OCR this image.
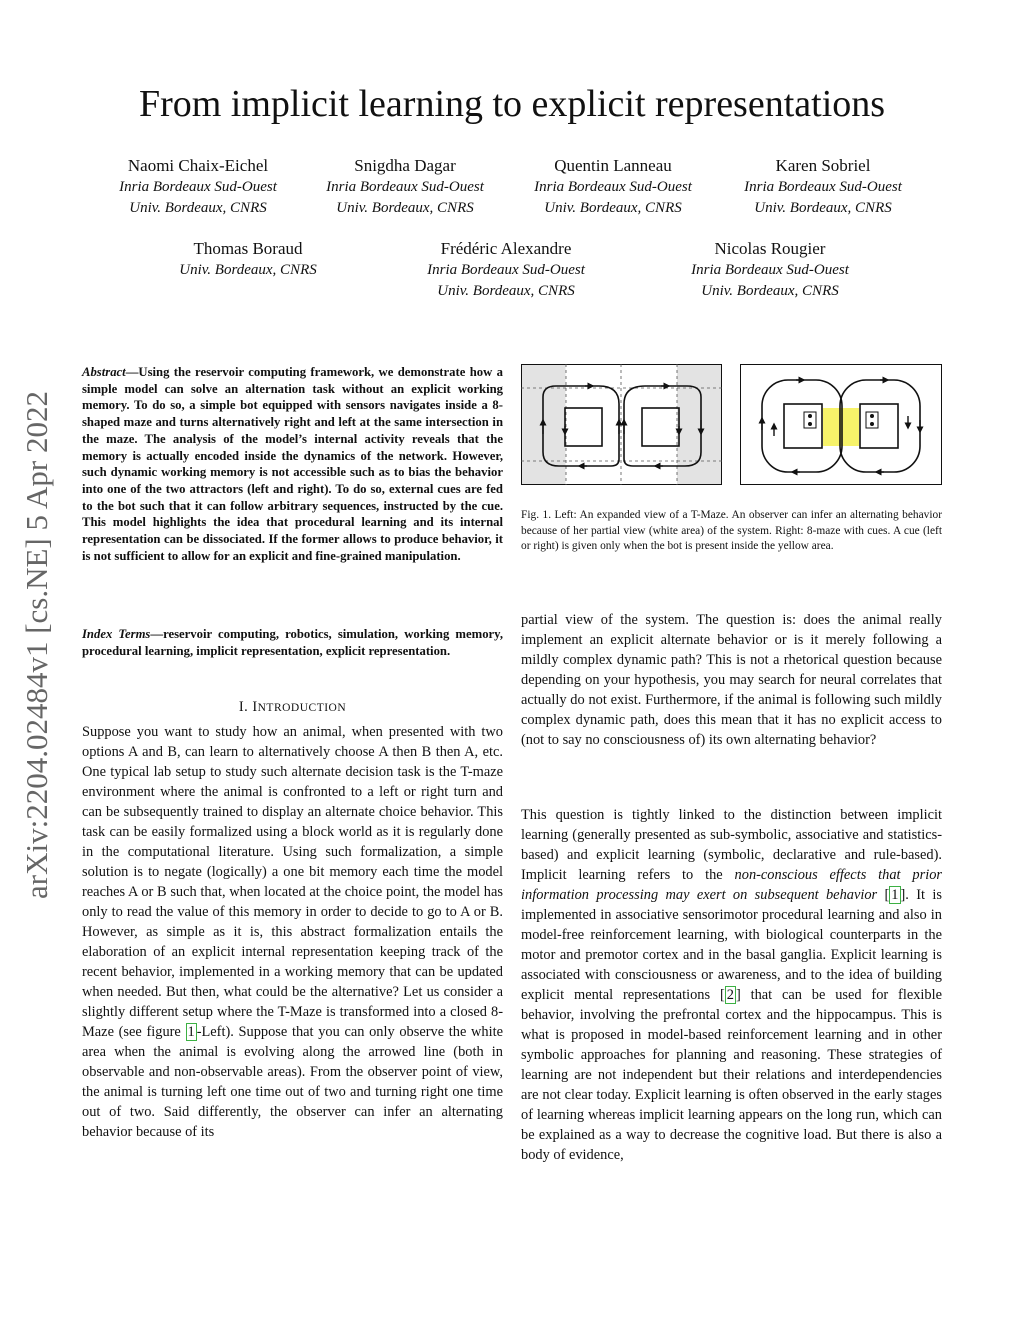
From implicit learning to explicit representations
Naomi Chaix-Eichel
Inria Bordeaux Sud-Ouest
Univ. Bordeaux, CNRS
Snigdha Dagar
Inria Bordeaux Sud-Ouest
Univ. Bordeaux, CNRS
Quentin Lanneau
Inria Bordeaux Sud-Ouest
Univ. Bordeaux, CNRS
Karen Sobriel
Inria Bordeaux Sud-Ouest
Univ. Bordeaux, CNRS
Thomas Boraud
Univ. Bordeaux, CNRS
Frédéric Alexandre
Inria Bordeaux Sud-Ouest
Univ. Bordeaux, CNRS
Nicolas Rougier
Inria Bordeaux Sud-Ouest
Univ. Bordeaux, CNRS
arXiv:2204.02484v1 [cs.NE] 5 Apr 2022
Abstract—Using the reservoir computing framework, we demonstrate how a simple model can solve an alternation task without an explicit working memory. To do so, a simple bot equipped with sensors navigates inside a 8-shaped maze and turns alternatively right and left at the same intersection in the maze. The analysis of the model’s internal activity reveals that the memory is actually encoded inside the dynamics of the network. However, such dynamic working memory is not accessible such as to bias the behavior into one of the two attractors (left and right). To do so, external cues are fed to the bot such that it can follow arbitrary sequences, instructed by the cue. This model highlights the idea that procedural learning and its internal representation can be dissociated. If the former allows to produce behavior, it is not sufficient to allow for an explicit and fine-grained manipulation.
Index Terms—reservoir computing, robotics, simulation, working memory, procedural learning, implicit representation, explicit representation.
I. INTRODUCTION
Suppose you want to study how an animal, when presented with two options A and B, can learn to alternatively choose A then B then A, etc. One typical lab setup to study such alternate decision task is the T-maze environment where the animal is confronted to a left or right turn and can be subsequently trained to display an alternate choice behavior. This task can be easily formalized using a block world as it is regularly done in the computational literature. Using such formalization, a simple solution is to negate (logically) a one bit memory each time the model reaches A or B such that, when located at the choice point, the model has only to read the value of this memory in order to decide to go to A or B. However, as simple as it is, this abstract formalization entails the elaboration of an explicit internal representation keeping track of the recent behavior, implemented in a working memory that can be updated when needed. But then, what could be the alternative? Let us consider a slightly different setup where the T-Maze is transformed into a closed 8-Maze (see figure 1 -Left). Suppose that you can only observe the white area when the animal is evolving along the arrowed line (both in observable and non-observable areas). From the observer point of view, the animal is turning left one time out of two and turning right one time out of two. Said differently, the observer can infer an alternating behavior because of its
Fig. 1. Left: An expanded view of a T-Maze. An observer can infer an alternating behavior because of her partial view (white area) of the system. Right: 8-maze with cues. A cue (left or right) is given only when the bot is present inside the yellow area.
partial view of the system. The question is: does the animal really implement an explicit alternate behavior or is it merely following a mildly complex dynamic path? This is not a rhetorical question because depending on your hypothesis, you may search for neural correlates that actually do not exist. Furthermore, if the animal is following such mildly complex dynamic path, does this mean that it has no explicit access to (not to say no consciousness of) its own alternating behavior?
This question is tightly linked to the distinction between implicit learning (generally presented as sub-symbolic, associative and statistics-based) and explicit learning (symbolic, declarative and rule-based). Implicit learning refers to the non-conscious effects that prior information processing may exert on subsequent behavior [ 1 ]. It is implemented in associative sensorimotor procedural learning and also in model-free reinforcement learning, with biological counterparts in the motor and premotor cortex and in the basal ganglia. Explicit learning is associated with consciousness or awareness, and to the idea of building explicit mental representations [ 2 ] that can be used for flexible behavior, involving the prefrontal cortex and the hippocampus. This is what is proposed in model-based reinforcement learning and in other symbolic approaches for planning and reasoning. These strategies of learning are not independent but their relations and interdependencies are not clear today. Explicit learning is often observed in the early stages of learning whereas implicit learning appears on the long run, which can be explained as a way to decrease the cognitive load. But there is also a body of evidence,
